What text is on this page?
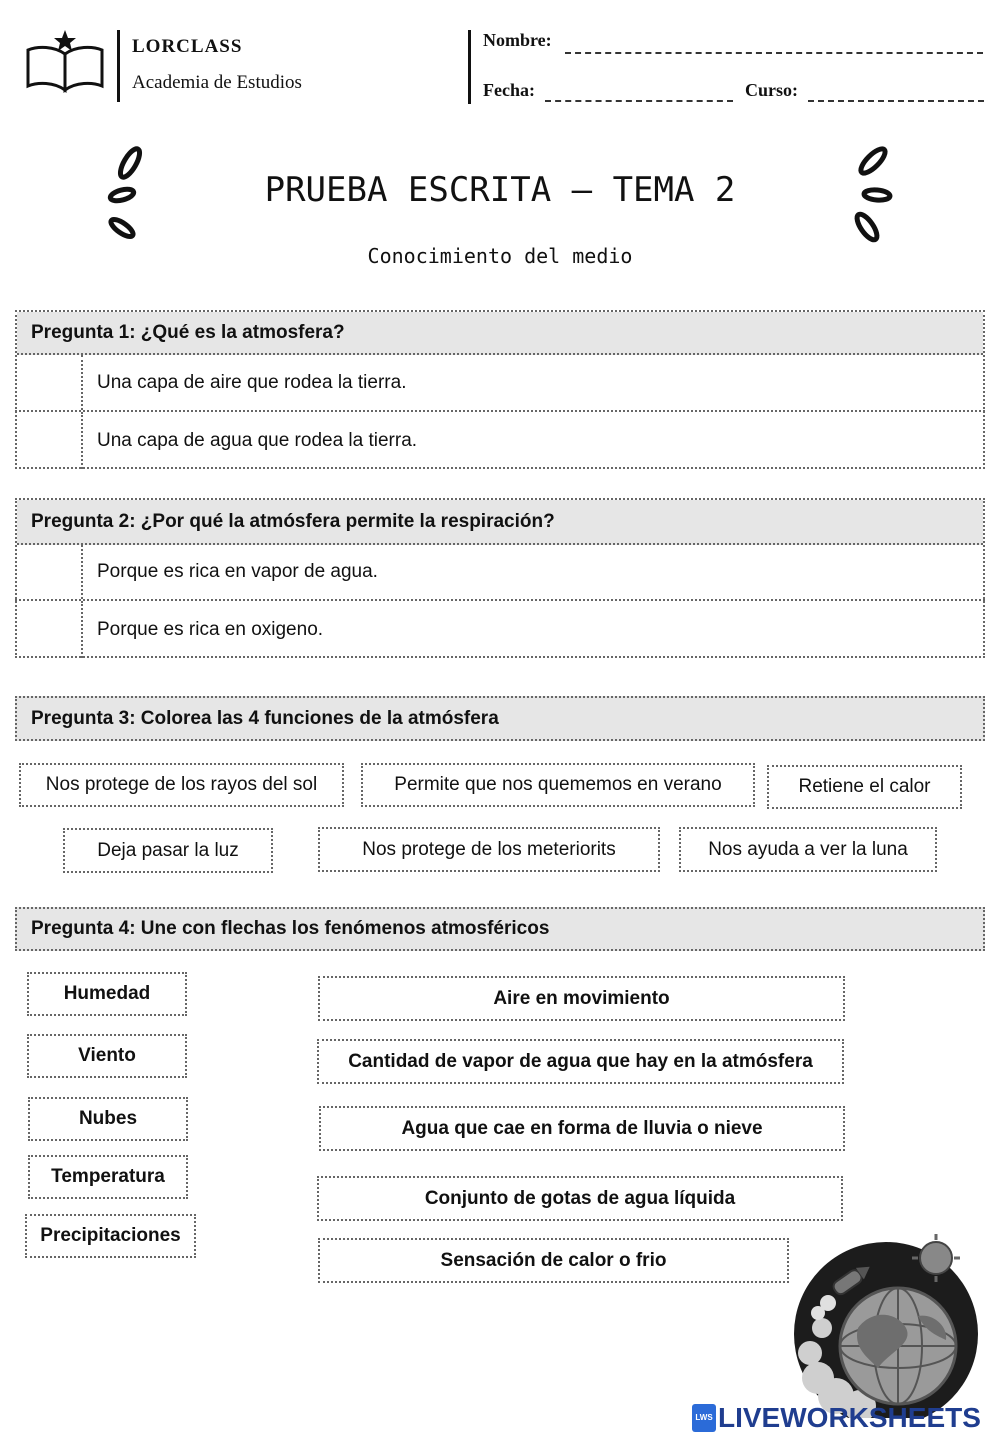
LORCLASS
Academia de Estudios
Nombre:
Fecha:	Curso:
PRUEBA ESCRITA – TEMA 2
Conocimiento del medio
Pregunta 1: ¿Qué es la atmosfera?
Una capa de aire que rodea la tierra.
Una capa de agua que rodea la tierra.
Pregunta 2: ¿Por qué la atmósfera permite la respiración?
Porque es rica en vapor de agua.
Porque es rica en oxigeno.
Pregunta 3: Colorea las 4 funciones de la atmósfera
Nos protege de los rayos del sol	Permite que nos quememos en verano	Retiene el calor
Deja pasar la luz	Nos protege de los meteriorits	Nos ayuda a ver la luna
Pregunta 4: Une con flechas los fenómenos atmosféricos
Humedad
Viento
Nubes
Temperatura
Precipitaciones
Aire en movimiento
Cantidad de vapor de agua que hay en la atmósfera
Agua que cae en forma de lluvia o nieve
Conjunto de gotas de agua líquida
Sensación de calor o frio
LWS LIVEWORKSHEETS
